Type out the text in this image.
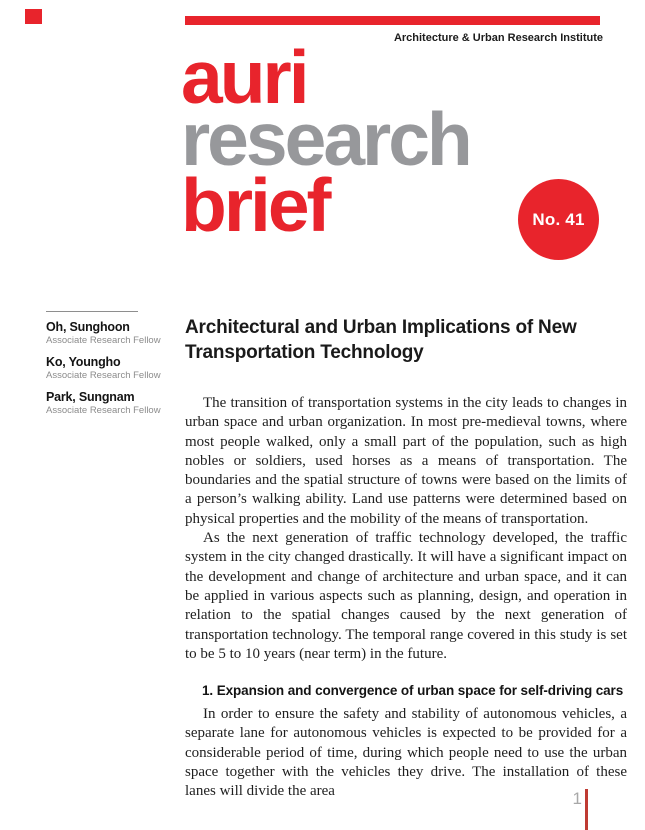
Architecture & Urban Research Institute
auri
research
brief	No. 41
Oh, Sunghoon
Associate Research Fellow
Ko, Youngho
Associate Research Fellow
Park, Sungnam
Associate Research Fellow
Architectural and Urban Implications of New Transportation Technology

The transition of transportation systems in the city leads to changes in urban space and urban organization. In most pre-medieval towns, where most people walked, only a small part of the population, such as high nobles or soldiers, used horses as a means of transportation. The boundaries and the spatial structure of towns were based on the limits of a person’s walking ability. Land use patterns were determined based on physical properties and the mobility of the means of transportation.

As the next generation of traffic technology developed, the traffic system in the city changed drastically. It will have a significant impact on the development and change of architecture and urban space, and it can be applied in various aspects such as planning, design, and operation in relation to the spatial changes caused by the next generation of transportation technology. The temporal range covered in this study is set to be 5 to 10 years (near term) in the future.

1. Expansion and convergence of urban space for self-driving cars

In order to ensure the safety and stability of autonomous vehicles, a separate lane for autonomous vehicles is expected to be provided for a considerable period of time, during which people need to use the urban space together with the vehicles they drive. The installation of these lanes will divide the area	1
